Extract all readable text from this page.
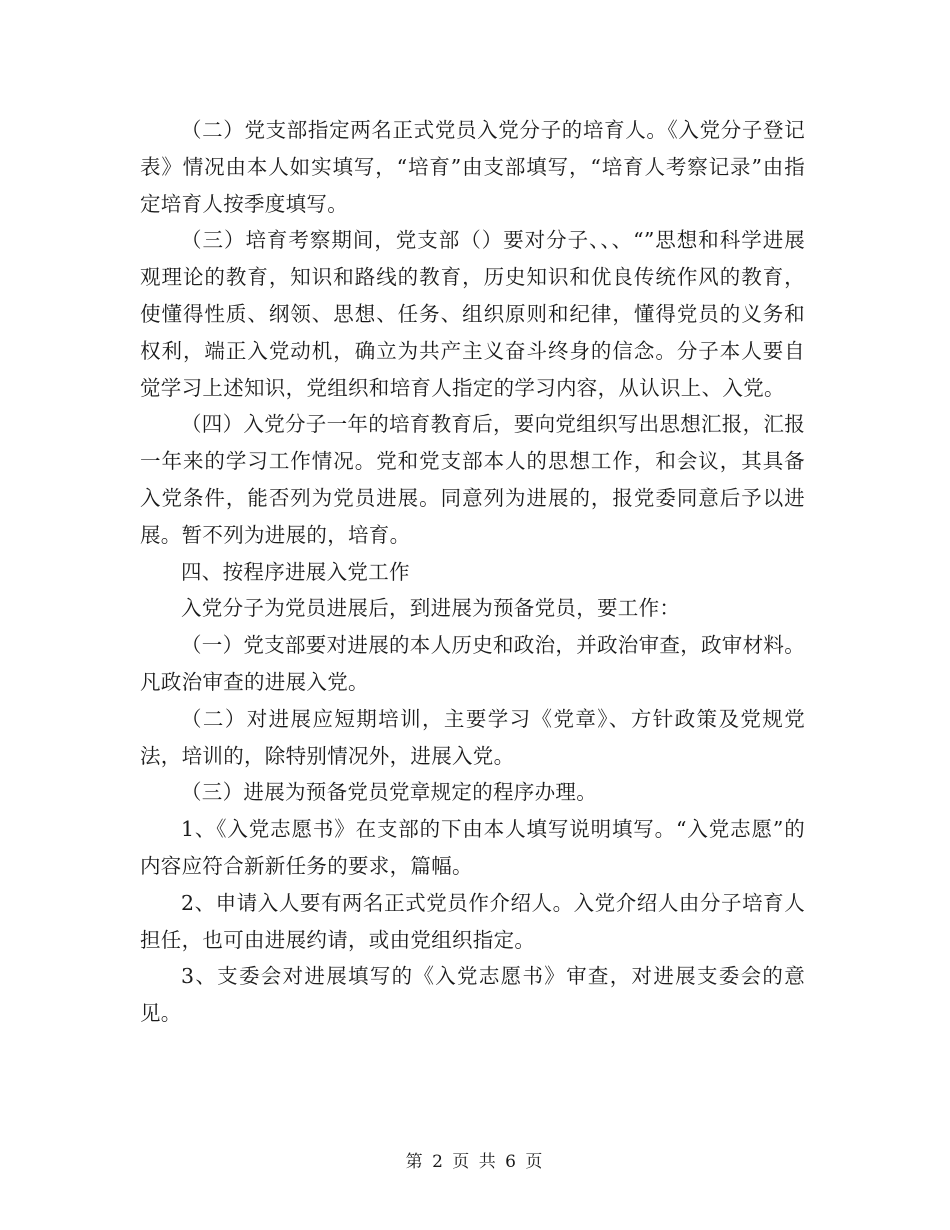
（二）党支部指定两名正式党员入党分子的培育人。《入党分子登记表》情况由本人如实填写，“培育”由支部填写，“培育人考察记录”由指定培育人按季度填写。

（三）培育考察期间，党支部（）要对分子、、、“”思想和科学进展观理论的教育，知识和路线的教育，历史知识和优良传统作风的教育，使懂得性质、纲领、思想、任务、组织原则和纪律，懂得党员的义务和权利，端正入党动机，确立为共产主义奋斗终身的信念。分子本人要自觉学习上述知识，党组织和培育人指定的学习内容，从认识上、入党。

（四）入党分子一年的培育教育后，要向党组织写出思想汇报，汇报一年来的学习工作情况。党和党支部本人的思想工作，和会议，其具备入党条件，能否列为党员进展。同意列为进展的，报党委同意后予以进展。暂不列为进展的，培育。

四、按程序进展入党工作

入党分子为党员进展后，到进展为预备党员，要工作：

（一）党支部要对进展的本人历史和政治，并政治审查，政审材料。凡政治审查的进展入党。

（二）对进展应短期培训，主要学习《党章》、方针政策及党规党法，培训的，除特别情况外，进展入党。

（三）进展为预备党员党章规定的程序办理。

1、《入党志愿书》在支部的下由本人填写说明填写。“入党志愿”的内容应符合新新任务的要求，篇幅。

2、申请入人要有两名正式党员作介绍人。入党介绍人由分子培育人担任，也可由进展约请，或由党组织指定。

3、支委会对进展填写的《入党志愿书》审查，对进展支委会的意见。

第 2 页 共 6 页
